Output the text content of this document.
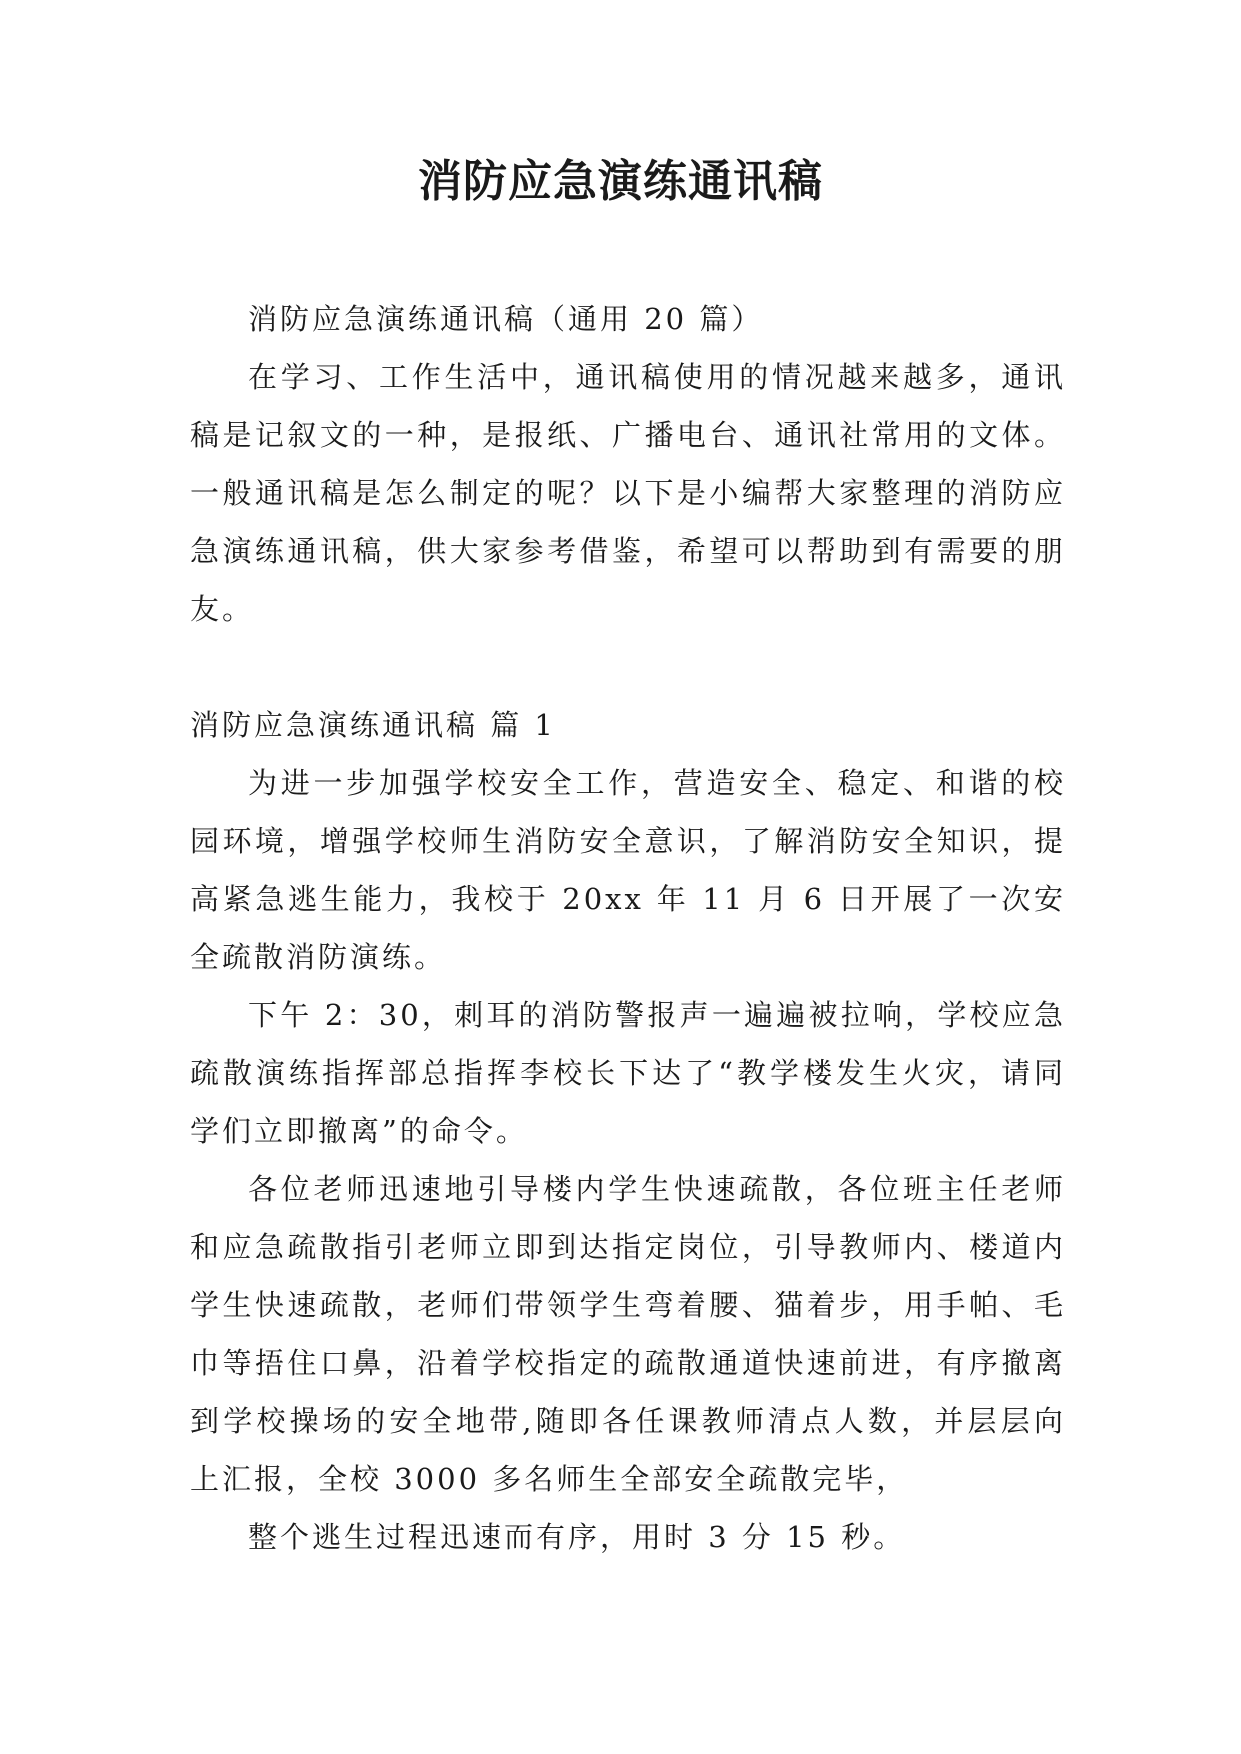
消防应急演练通讯稿

消防应急演练通讯稿（通用 20 篇）

在学习、工作生活中，通讯稿使用的情况越来越多，通讯稿是记叙文的一种，是报纸、广播电台、通讯社常用的文体。一般通讯稿是怎么制定的呢？以下是小编帮大家整理的消防应急演练通讯稿，供大家参考借鉴，希望可以帮助到有需要的朋友。

消防应急演练通讯稿 篇 1

为进一步加强学校安全工作，营造安全、稳定、和谐的校园环境，增强学校师生消防安全意识，了解消防安全知识，提高紧急逃生能力，我校于 20xx 年 11 月 6 日开展了一次安全疏散消防演练。

下午 2：30，刺耳的消防警报声一遍遍被拉响，学校应急疏散演练指挥部总指挥李校长下达了“教学楼发生火灾，请同学们立即撤离”的命令。

各位老师迅速地引导楼内学生快速疏散，各位班主任老师和应急疏散指引老师立即到达指定岗位，引导教师内、楼道内学生快速疏散，老师们带领学生弯着腰、猫着步，用手帕、毛巾等捂住口鼻，沿着学校指定的疏散通道快速前进，有序撤离到学校操场的安全地带,随即各任课教师清点人数，并层层向上汇报，全校 3000 多名师生全部安全疏散完毕，

整个逃生过程迅速而有序，用时 3 分 15 秒。
